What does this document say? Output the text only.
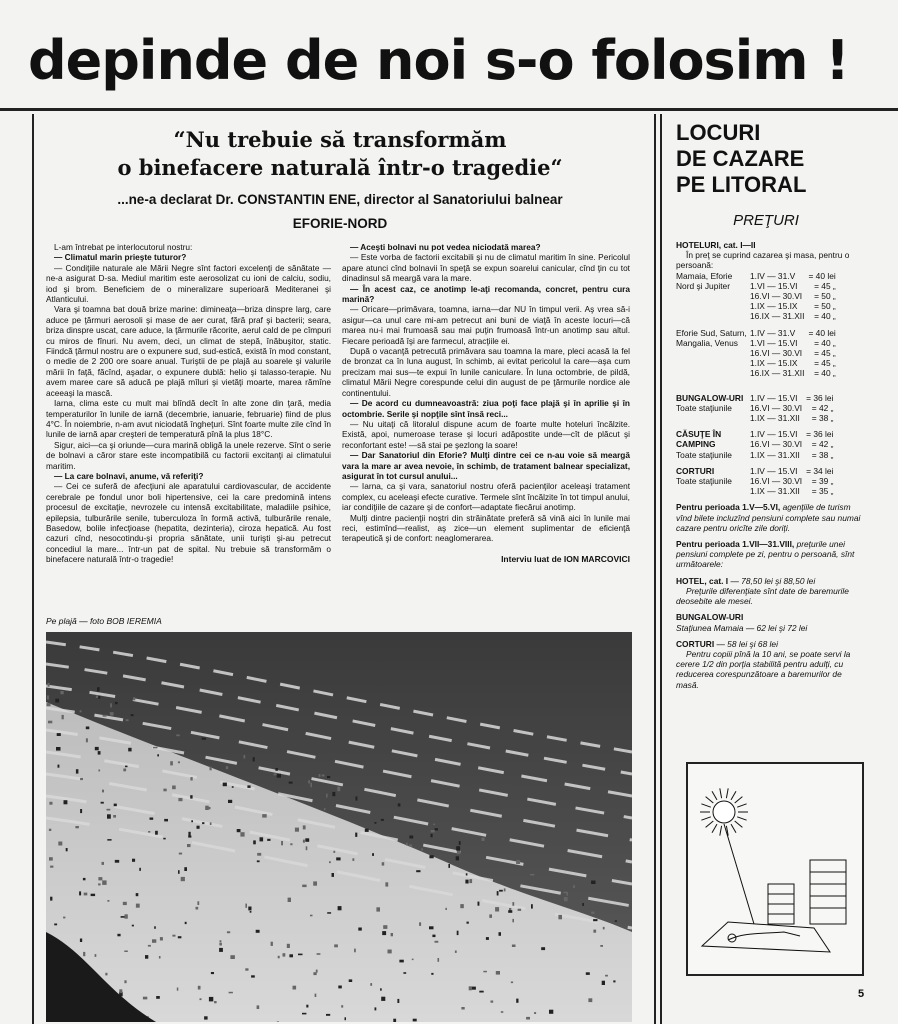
depinde de noi s-o folosim !
“Nu trebuie să transformăm
o binefacere naturală într-o tragedie“
...ne-a declarat Dr. CONSTANTIN ENE, director al Sanatoriului balnear
EFORIE-NORD

L-am întrebat pe interlocutorul nostru:

— Climatul marin prieşte tuturor?

— Condiţiile naturale ale Mării Negre sînt factori excelenţi de sănătate — ne-a asigurat D-sa. Mediul maritim este aerosolizat cu ioni de calciu, sodiu, iod şi brom. Beneficiem de o mineralizare superioară Mediteranei şi Atlanticului.

Vara şi toamna bat două brize marine: dimineaţa—briza dinspre larg, care aduce pe ţărmuri aerosoli şi mase de aer curat, fără praf şi bacterii; seara, briza dinspre uscat, care aduce, la ţărmurile răcorite, aerul cald de pe cîmpuri cu miros de fînuri. Nu avem, deci, un climat de stepă, înăbuşitor, static. Fiindcă ţărmul nostru are o expunere sud, sud-estică, există în mod constant, o medie de 2 200 ore soare anual. Turiştii de pe plajă au soarele şi valurile mării în faţă, făcînd, aşadar, o expunere dublă: helio şi talasso-terapie. Nu avem maree care să aducă pe plajă mîluri şi vietăţi moarte, marea rămîne aceeaşi la mască.

Iarna, clima este cu mult mai blîndă decît în alte zone din ţară, media temperaturilor în lunile de iarnă (decembrie, ianuarie, februarie) fiind de plus 4°C. În noiembrie, n-am avut niciodată îngheţuri. Sînt foarte multe zile cînd în lunile de iarnă apar creşteri de temperatură pînă la plus 18°C.

Sigur, aici—ca şi oriunde—cura marină obligă la unele rezerve. Sînt o serie de bolnavi a căror stare este incompatibilă cu factorii excitanţi ai climatului maritim.

— La care bolnavi, anume, vă referiţi?

— Cei ce suferă de afecţiuni ale aparatului cardiovascular, de accidente cerebrale pe fondul unor boli hipertensive, cei la care predomină intens procesul de excitaţie, nevrozele cu intensă excitabilitate, maladiile psihice, epilepsia, tulburările senile, tuberculoza în formă activă, tulburările renale, Basedow, bolile infecţioase (hepatita, dezinteria), ciroza hepatică. Au fost cazuri cînd, nesocotindu-şi propria sănătate, unii turişti şi-au petrecut concediul la mare... într-un pat de spital. Nu trebuie să transformăm o binefacere naturală într-o tragedie!

— Aceşti bolnavi nu pot vedea niciodată marea?

— Este vorba de factorii excitabili şi nu de climatul maritim în sine. Pericolul apare atunci cînd bolnavii în speţă se expun soarelui canicular, cînd ţin cu tot dinadinsul să meargă vara la mare.

— În acest caz, ce anotimp le-aţi recomanda, concret, pentru cura marină?

— Oricare—primăvara, toamna, iarna—dar NU în timpul verii. Aş vrea să-i asigur—ca unul care mi-am petrecut ani buni de viaţă în aceste locuri—că marea nu-i mai frumoasă sau mai puţin frumoasă într-un anotimp sau altul. Fiecare perioadă îşi are farmecul, atracţiile ei.

După o vacanţă petrecută primăvara sau toamna la mare, pleci acasă la fel de bronzat ca în luna august, în schimb, ai evitat pericolul la care—aşa cum precizam mai sus—te expui în lunile caniculare. În luna octombrie, de pildă, climatul Mării Negre corespunde celui din august de pe ţărmurile nordice ale continentului.

— De acord cu dumneavoastră: ziua poţi face plajă şi în aprilie şi în octombrie. Serile şi nopţile sînt însă reci...

— Nu uitaţi că litoralul dispune acum de foarte multe hoteluri încălzite. Există, apoi, numeroase terase şi locuri adăpostite unde—cît de plăcut şi reconfortant este! —să stai pe şezlong la soare!

— Dar Sanatoriul din Eforie? Mulţi dintre cei ce n-au voie să meargă vara la mare ar avea nevoie, în schimb, de tratament balnear specializat, asigurat în tot cursul anului...

— Iarna, ca şi vara, sanatoriul nostru oferă pacienţilor aceleaşi tratament complex, cu aceleaşi efecte curative. Termele sînt încălzite în tot timpul anului, iar condiţiile de cazare şi de confort—adaptate fiecărui anotimp.

Mulţi dintre pacienţii noştri din străinătate preferă să vină aici în lunile mai reci, estimînd—realist, aş zice—un element suplimentar de eficienţă terapeutică şi de confort: neaglomerarea.

Interviu luat de ION MARCOVICI

Pe plajă — foto BOB IEREMIA
LOCURI
DE CAZARE
PE LITORAL
PREŢURI
HOTELURI, cat. I—II
În preţ se cuprind cazarea şi masa, pentru o persoană:
Mamaia, Eforie Nord şi Jupiter
1.IV — 31.V	= 40 lei
1.VI — 15.VI	= 45 „
16.VI — 30.VI	= 50 „
1.IX — 15.IX	= 50 „
16.IX — 31.XII	= 40 „
Eforie Sud, Saturn, Mangalia, Venus
1.IV — 31.V	= 40 lei
1.VI — 15.VI	= 40 „
16.VI — 30.VI	= 45 „
1.IX — 15.IX	= 45 „
16.IX — 31.XII	= 40 „
BUNGALOW-URI
Toate staţiunile
1.IV — 15.VI	= 36 lei
16.VI — 30.VI	= 42 „
1.IX — 31.XII	= 38 „
CĂSUŢE ÎN CAMPING
Toate staţiunile
1.IV — 15.VI	= 36 lei
16.VI — 30.VI	= 42 „
1.IX — 31.XII	= 38 „
CORTURI
Toate staţiunile
1.IV — 15.VI	= 34 lei
16.VI — 30.VI	= 39 „
1.IX — 31.XII	= 35 „
Pentru perioada 1.V—5.VI, agenţiile de turism vînd bilete incluzînd pensiuni complete sau numai cazare pentru oricîte zile doriţi.
Pentru perioada 1.VII—31.VIII, preţurile unei pensiuni complete pe zi, pentru o persoană, sînt următoarele:
HOTEL, cat. I — 78,50 lei şi 88,50 lei
Preţurile diferenţiate sînt date de baremurile deosebite ale mesei.
BUNGALOW-URI
Staţiunea Mamaia — 62 lei şi 72 lei
CORTURI — 58 lei şi 68 lei
Pentru copiii pînă la 10 ani, se poate servi la cerere 1/2 din porţia stabilită pentru adulţi, cu reducerea corespunzătoare a baremurilor de masă.
5
